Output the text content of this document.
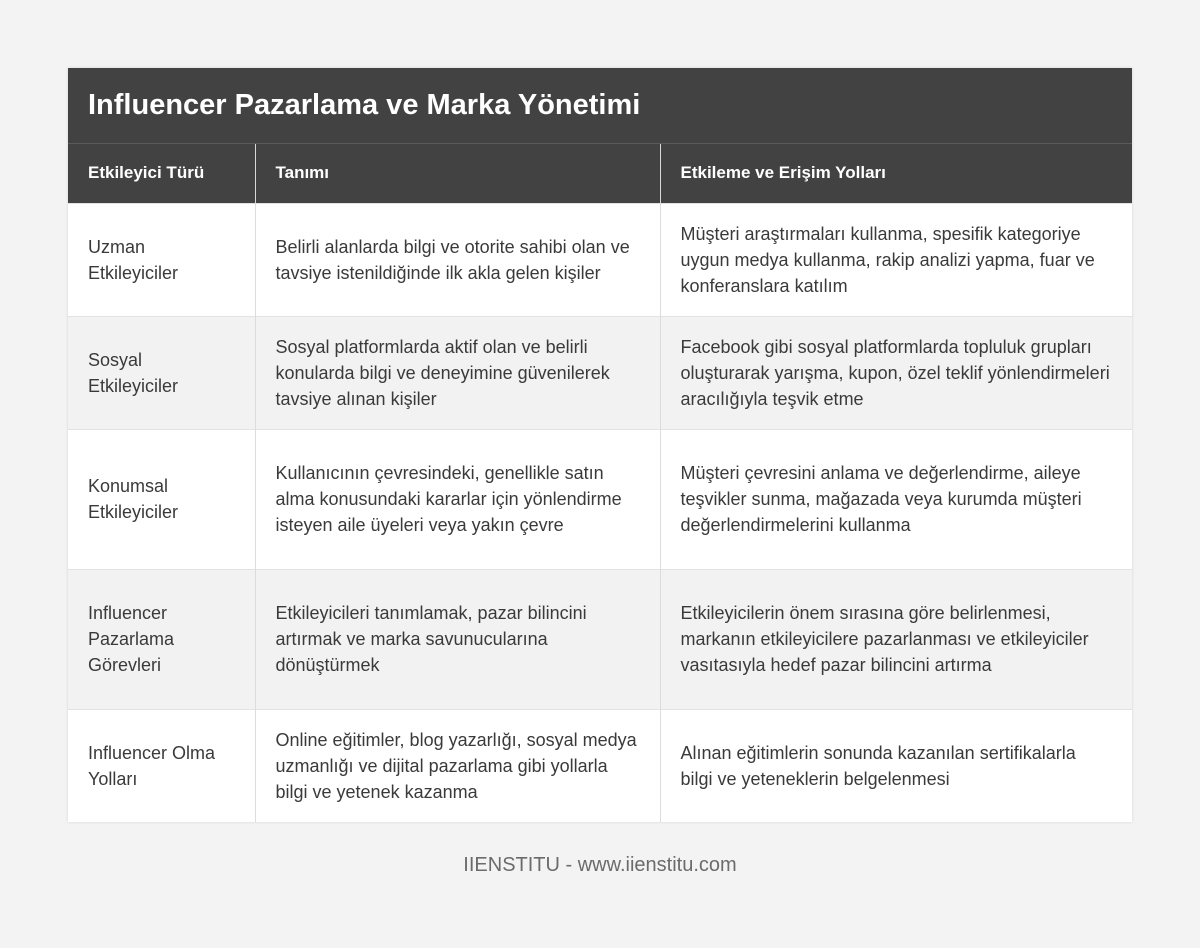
Influencer Pazarlama ve Marka Yönetimi
Etkileyici Türü	Tanımı	Etkileme ve Erişim Yolları
Uzman Etkileyiciler	Belirli alanlarda bilgi ve otorite sahibi olan ve tavsiye istenildiğinde ilk akla gelen kişiler	Müşteri araştırmaları kullanma, spesifik kategoriye uygun medya kullanma, rakip analizi yapma, fuar ve konferanslara katılım
Sosyal Etkileyiciler	Sosyal platformlarda aktif olan ve belirli konularda bilgi ve deneyimine güvenilerek tavsiye alınan kişiler	Facebook gibi sosyal platformlarda topluluk grupları oluşturarak yarışma, kupon, özel teklif yönlendirmeleri aracılığıyla teşvik etme
Konumsal Etkileyiciler	Kullanıcının çevresindeki, genellikle satın alma konusundaki kararlar için yönlendirme isteyen aile üyeleri veya yakın çevre	Müşteri çevresini anlama ve değerlendirme, aileye teşvikler sunma, mağazada veya kurumda müşteri değerlendirmelerini kullanma
Influencer Pazarlama Görevleri	Etkileyicileri tanımlamak, pazar bilincini artırmak ve marka savunucularına dönüştürmek	Etkileyicilerin önem sırasına göre belirlenmesi, markanın etkileyicilere pazarlanması ve etkileyiciler vasıtasıyla hedef pazar bilincini artırma
Influencer Olma Yolları	Online eğitimler, blog yazarlığı, sosyal medya uzmanlığı ve dijital pazarlama gibi yollarla bilgi ve yetenek kazanma	Alınan eğitimlerin sonunda kazanılan sertifikalarla bilgi ve yeteneklerin belgelenmesi
IIENSTITU - www.iienstitu.com
